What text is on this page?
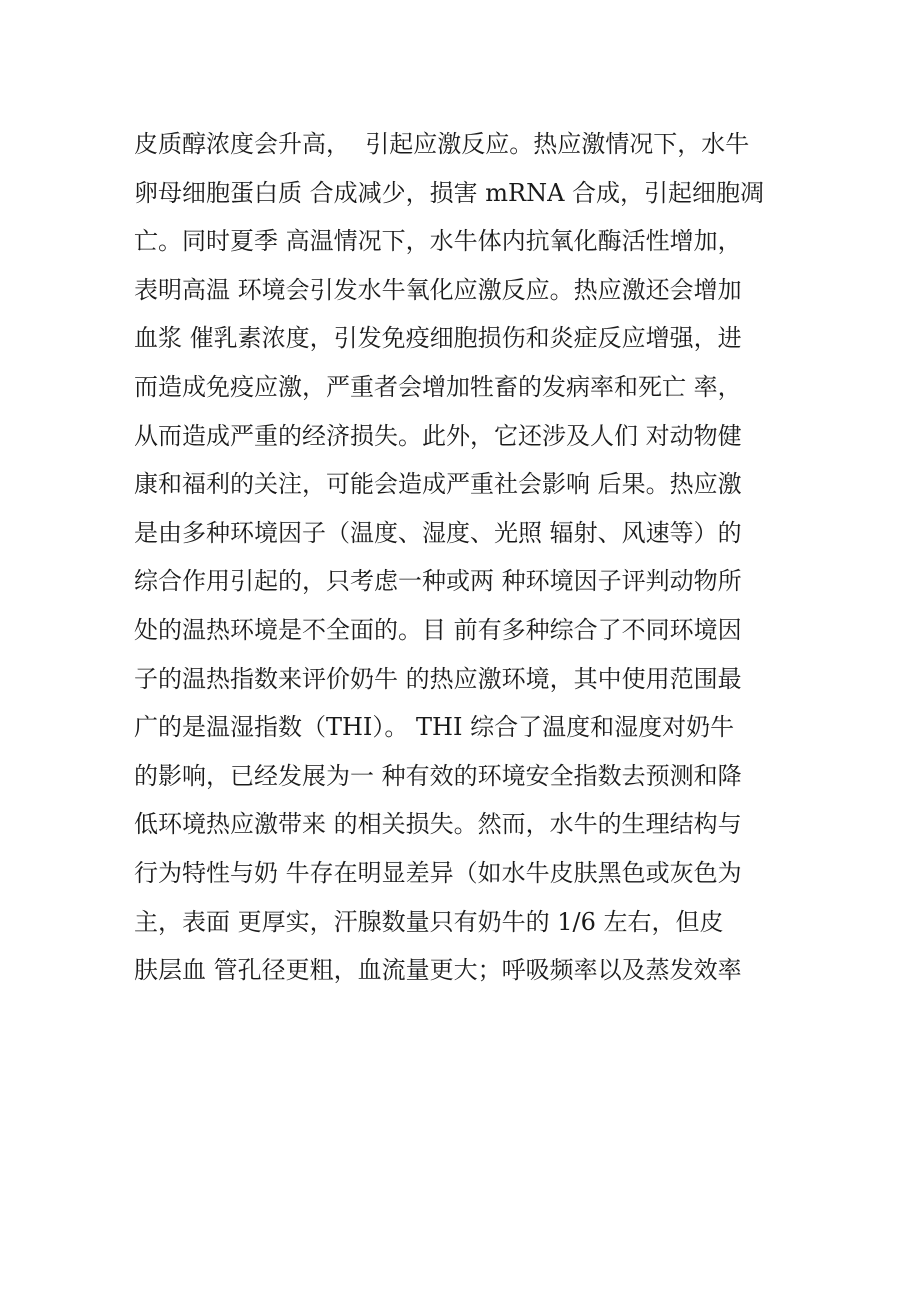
皮质醇浓度会升高，  引起应激反应。热应激情况下，水牛
卵母细胞蛋白质 合成减少，损害 mRNA 合成，引起细胞凋
亡。同时夏季 高温情况下，水牛体内抗氧化酶活性增加，
表明高温 环境会引发水牛氧化应激反应。热应激还会增加
血浆 催乳素浓度，引发免疫细胞损伤和炎症反应增强，进
而造成免疫应激，严重者会增加牲畜的发病率和死亡 率，
从而造成严重的经济损失。此外，它还涉及人们 对动物健
康和福利的关注，可能会造成严重社会影响 后果。热应激
是由多种环境因子（温度、湿度、光照 辐射、风速等）的
综合作用引起的，只考虑一种或两 种环境因子评判动物所
处的温热环境是不全面的。目 前有多种综合了不同环境因
子的温热指数来评价奶牛 的热应激环境，其中使用范围最
广的是温湿指数（THI）。 THI 综合了温度和湿度对奶牛
的影响，已经发展为一 种有效的环境安全指数去预测和降
低环境热应激带来 的相关损失。然而，水牛的生理结构与
行为特性与奶 牛存在明显差异（如水牛皮肤黑色或灰色为
主，表面 更厚实，汗腺数量只有奶牛的 1/6 左右，但皮
肤层血 管孔径更粗，血流量更大；呼吸频率以及蒸发效率
